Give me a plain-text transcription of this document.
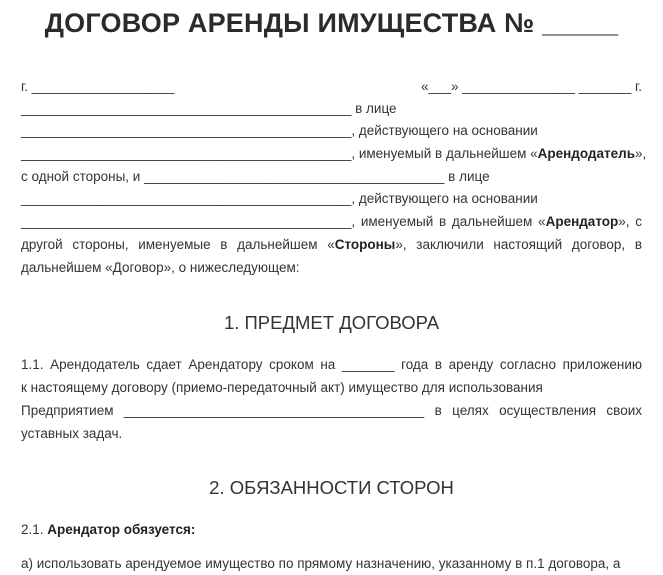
ДОГОВОР АРЕНДЫ ИМУЩЕСТВА № _____
г. ___________________	«___» _______________ _______ г.
____________________________________________ в лице
____________________________________________, действующего на основании
____________________________________________, именуемый в дальнейшем «Арендодатель»,
с одной стороны, и ________________________________________ в лице
____________________________________________, действующего на основании
____________________________________________, именуемый в дальнейшем «Арендатор», с
другой стороны, именуемые в дальнейшем «Стороны», заключили настоящий договор, в
дальнейшем «Договор», о нижеследующем:
1. ПРЕДМЕТ ДОГОВОРА
1.1. Арендодатель сдает Арендатору сроком на _______ года в аренду согласно приложению
к настоящему договору (приемо-передаточный акт) имущество для использования
Предприятием ________________________________________ в целях осуществления своих
уставных задач.
2. ОБЯЗАННОСТИ СТОРОН
2.1. Арендатор обязуется:
а) использовать арендуемое имущество по прямому назначению, указанному в п.1 договора, а
